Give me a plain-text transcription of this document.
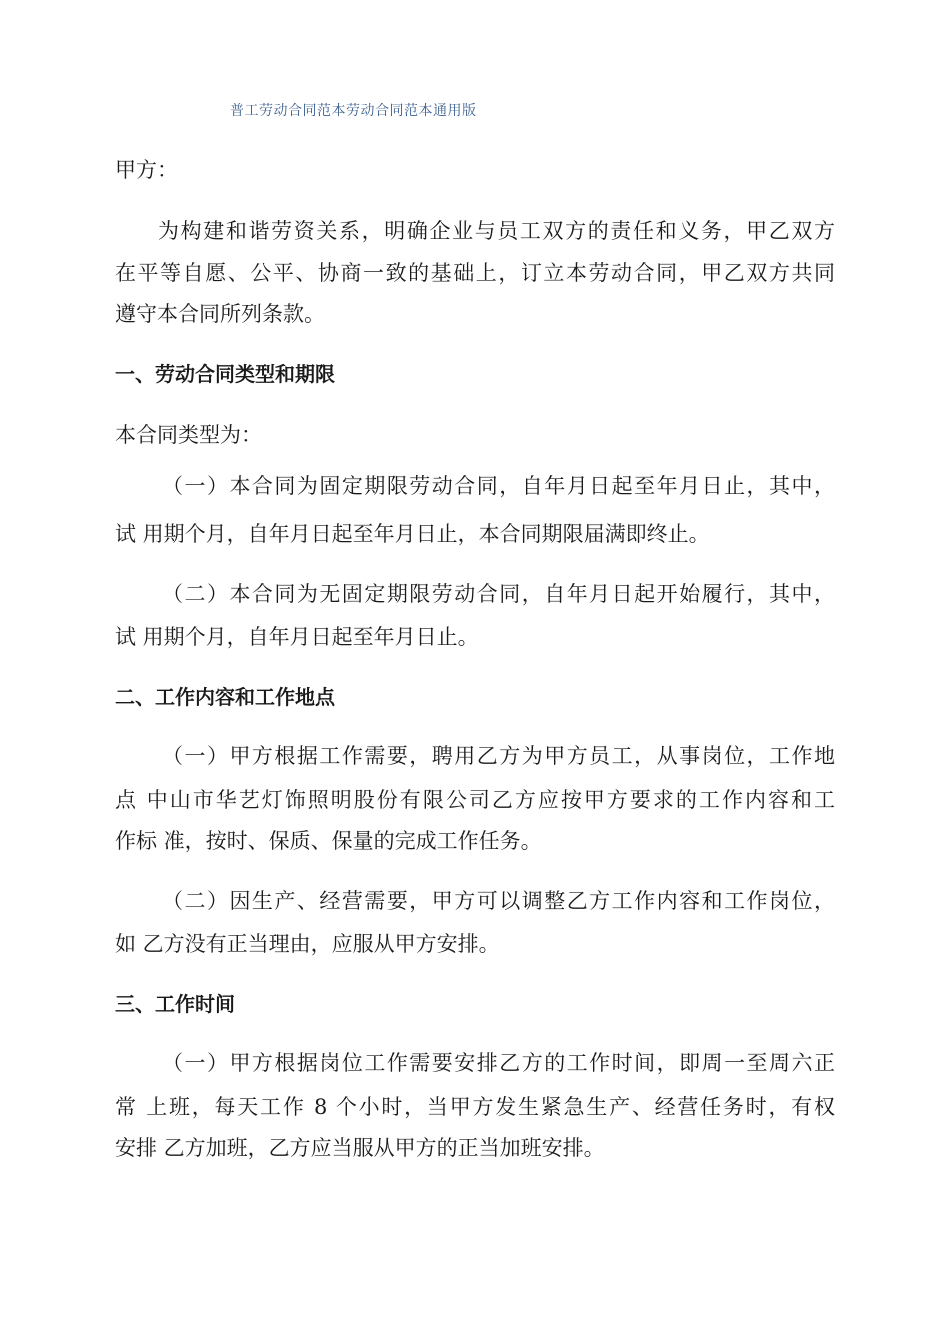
普工劳动合同范本劳动合同范本通用版
甲方：
为构建和谐劳资关系，明确企业与员工双方的责任和义务，甲乙双方
在平等自愿、公平、协商一致的基础上，订立本劳动合同，甲乙双方共同
遵守本合同所列条款。
一、劳动合同类型和期限
本合同类型为：
（一）本合同为固定期限劳动合同，自年月日起至年月日止，其中，
试 用期个月，自年月日起至年月日止，本合同期限届满即终止。
（二）本合同为无固定期限劳动合同，自年月日起开始履行，其中，
试 用期个月，自年月日起至年月日止。
二、工作内容和工作地点
（一）甲方根据工作需要，聘用乙方为甲方员工，从事岗位，工作地
点 中山市华艺灯饰照明股份有限公司乙方应按甲方要求的工作内容和工
作标 准，按时、保质、保量的完成工作任务。
（二）因生产、经营需要，甲方可以调整乙方工作内容和工作岗位，
如 乙方没有正当理由，应服从甲方安排。
三、工作时间
（一）甲方根据岗位工作需要安排乙方的工作时间，即周一至周六正
常 上班，每天工作 8 个小时，当甲方发生紧急生产、经营任务时，有权
安排 乙方加班，乙方应当服从甲方的正当加班安排。
